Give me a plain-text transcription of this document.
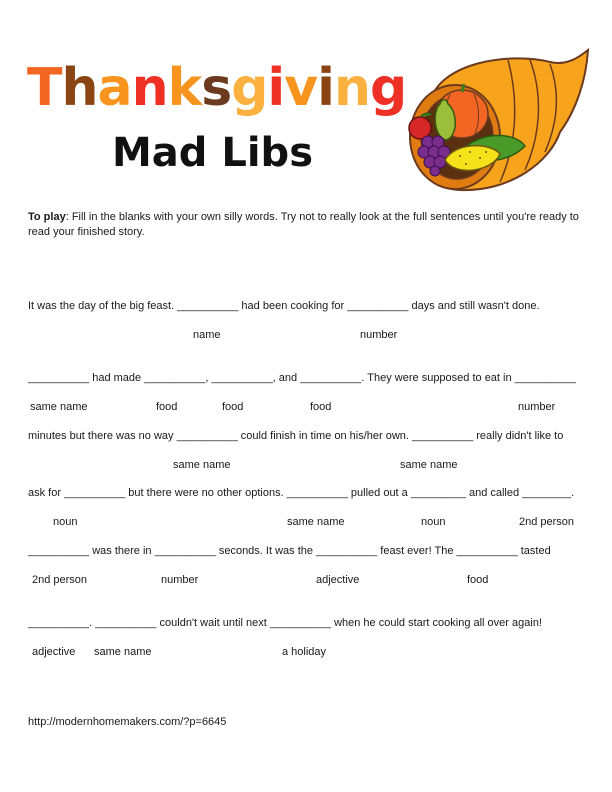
Thanksgiving
Mad Libs
To play: Fill in the blanks with your own silly words. Try not to really look at the full sentences until you're ready to read your finished story.
It was the day of the big feast. __________ had been cooking for __________ days and still wasn't done.
name	number
__________ had made __________, __________, and __________. They were supposed to eat in __________
same name	food	food	food	number
minutes but there was no way __________ could finish in time on his/her own. __________ really didn't like to
same name	same name
ask for __________ but there were no other options. __________ pulled out a _________ and called ________.
noun	same name	noun	2nd person
__________ was there in __________ seconds. It was the __________ feast ever! The __________ tasted
2nd person	number	adjective	food
__________. __________ couldn't wait until next __________ when he could start cooking all over again!
adjective same name	a holiday
http://modernhomemakers.com/?p=6645
